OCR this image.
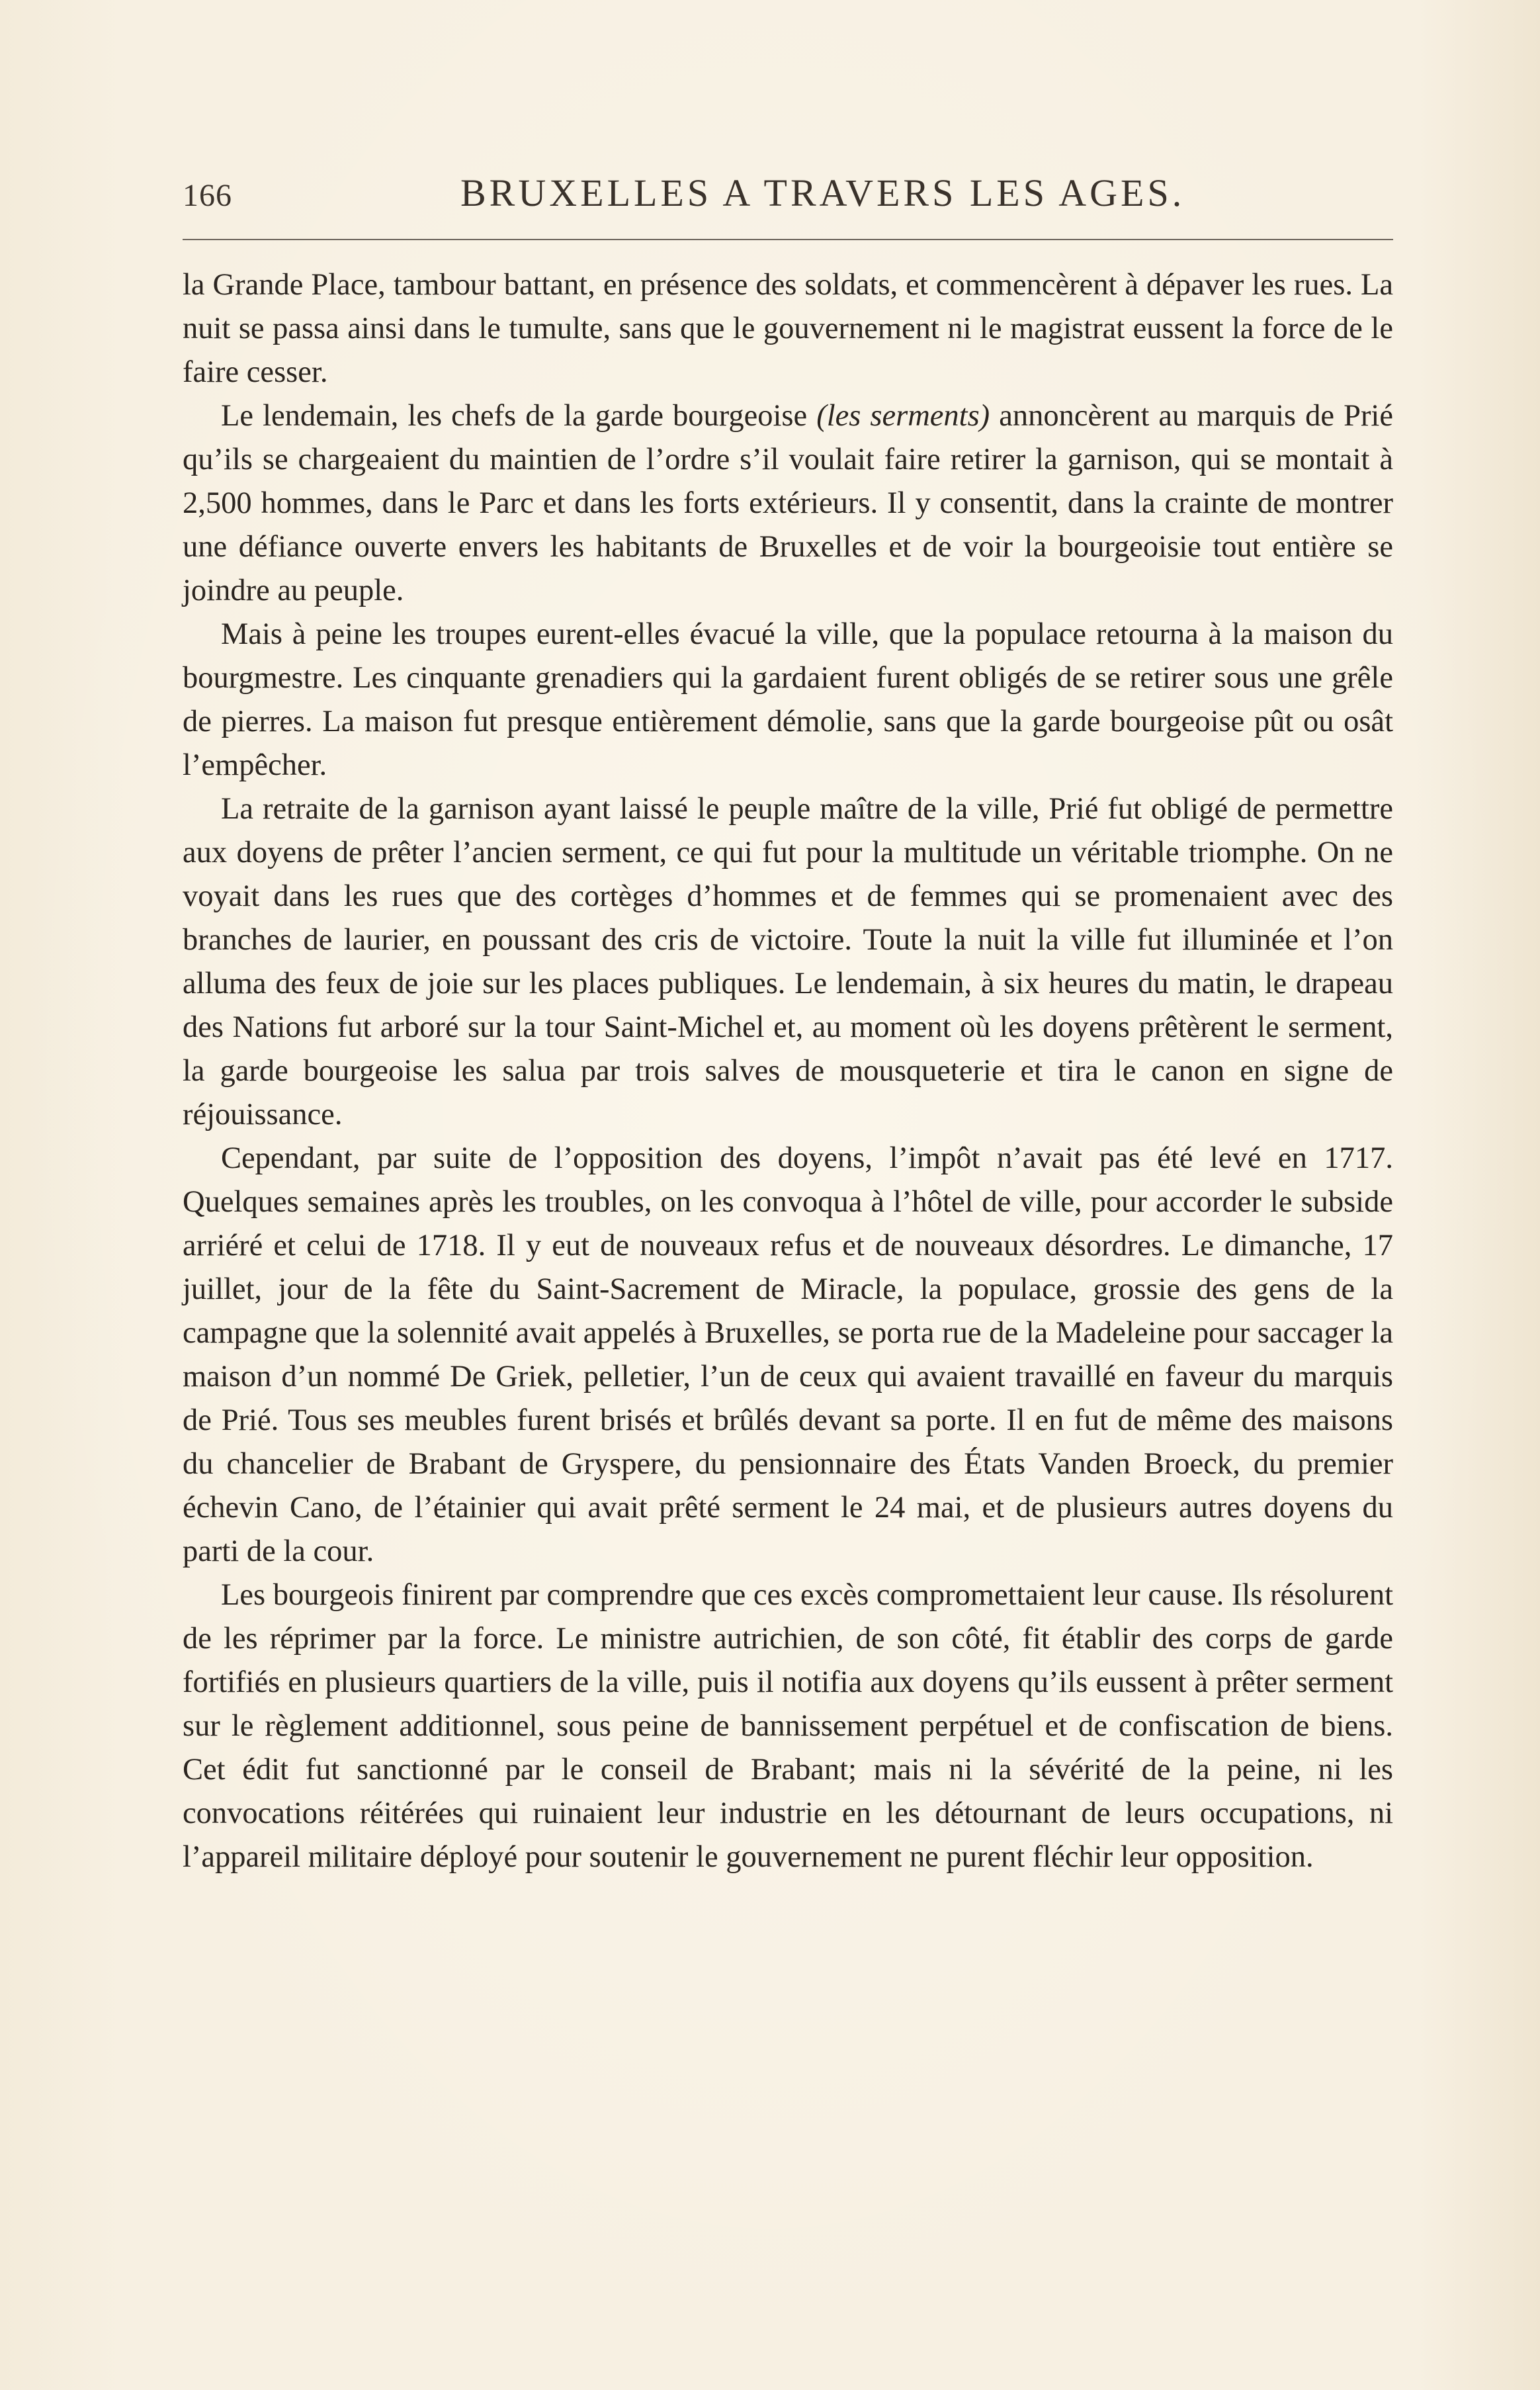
166	BRUXELLES A TRAVERS LES AGES.

la Grande Place, tambour battant, en présence des soldats, et commencèrent à dépaver les rues. La nuit se passa ainsi dans le tumulte, sans que le gouvernement ni le magistrat eussent la force de le faire cesser.

Le lendemain, les chefs de la garde bourgeoise (les serments) annoncèrent au marquis de Prié qu’ils se chargeaient du maintien de l’ordre s’il voulait faire retirer la garnison, qui se montait à 2,500 hommes, dans le Parc et dans les forts extérieurs. Il y consentit, dans la crainte de montrer une défiance ouverte envers les habitants de Bruxelles et de voir la bourgeoisie tout entière se joindre au peuple.

Mais à peine les troupes eurent-elles évacué la ville, que la populace retourna à la maison du bourgmestre. Les cinquante grenadiers qui la gardaient furent obligés de se retirer sous une grêle de pierres. La maison fut presque entièrement démolie, sans que la garde bourgeoise pût ou osât l’empêcher.

La retraite de la garnison ayant laissé le peuple maître de la ville, Prié fut obligé de permettre aux doyens de prêter l’ancien serment, ce qui fut pour la multitude un véritable triomphe. On ne voyait dans les rues que des cortèges d’hommes et de femmes qui se promenaient avec des branches de laurier, en poussant des cris de victoire. Toute la nuit la ville fut illuminée et l’on alluma des feux de joie sur les places publiques. Le lendemain, à six heures du matin, le drapeau des Nations fut arboré sur la tour Saint-Michel et, au moment où les doyens prêtèrent le serment, la garde bourgeoise les salua par trois salves de mousqueterie et tira le canon en signe de réjouissance.

Cependant, par suite de l’opposition des doyens, l’impôt n’avait pas été levé en 1717. Quelques semaines après les troubles, on les convoqua à l’hôtel de ville, pour accorder le subside arriéré et celui de 1718. Il y eut de nouveaux refus et de nouveaux désordres. Le dimanche, 17 juillet, jour de la fête du Saint-Sacrement de Miracle, la populace, grossie des gens de la campagne que la solennité avait appelés à Bruxelles, se porta rue de la Madeleine pour saccager la maison d’un nommé De Griek, pelletier, l’un de ceux qui avaient travaillé en faveur du marquis de Prié. Tous ses meubles furent brisés et brûlés devant sa porte. Il en fut de même des maisons du chancelier de Brabant de Gryspere, du pensionnaire des États Vanden Broeck, du premier échevin Cano, de l’étainier qui avait prêté serment le 24 mai, et de plusieurs autres doyens du parti de la cour.

Les bourgeois finirent par comprendre que ces excès compromettaient leur cause. Ils résolurent de les réprimer par la force. Le ministre autrichien, de son côté, fit établir des corps de garde fortifiés en plusieurs quartiers de la ville, puis il notifia aux doyens qu’ils eussent à prêter serment sur le règlement additionnel, sous peine de bannissement perpétuel et de confiscation de biens. Cet édit fut sanctionné par le conseil de Brabant; mais ni la sévérité de la peine, ni les convocations réitérées qui ruinaient leur industrie en les détournant de leurs occupations, ni l’appareil militaire déployé pour soutenir le gouvernement ne purent fléchir leur opposition.
